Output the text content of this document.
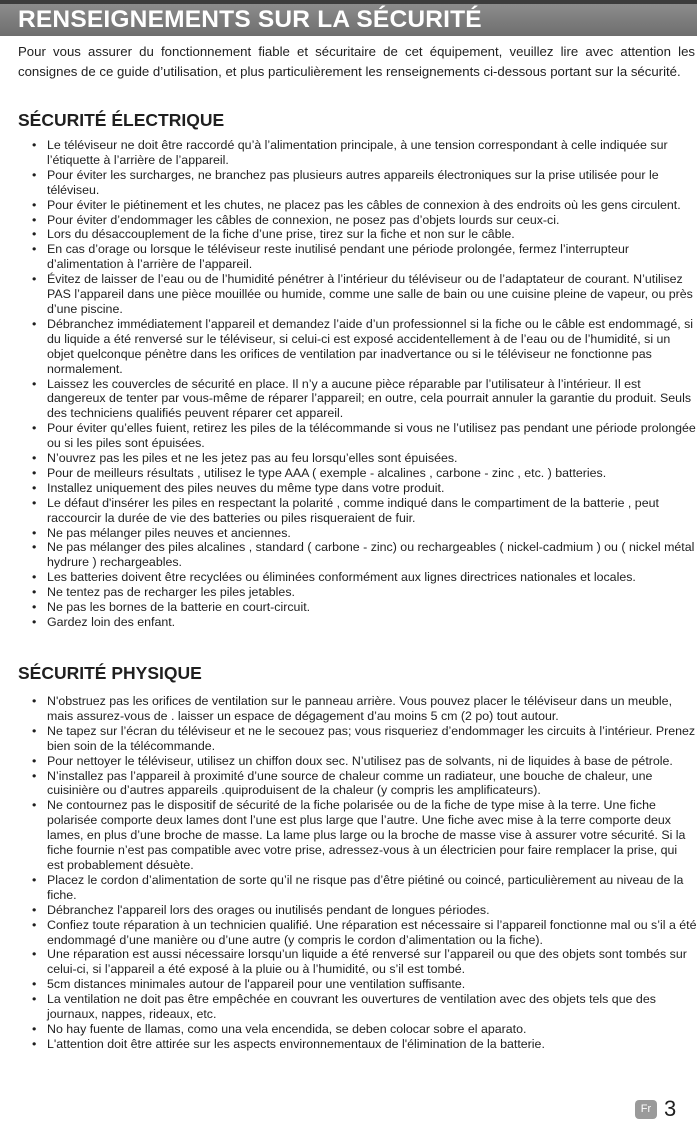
RENSEIGNEMENTS SUR LA SÉCURITÉ
Pour vous assurer du fonctionnement fiable et sécuritaire de cet équipement, veuillez lire avec attention les consignes de ce guide d’utilisation, et plus particulièrement les renseignements ci-dessous portant sur la sécurité.
SÉCURITÉ ÉLECTRIQUE
• Le téléviseur ne doit être raccordé qu’à l’alimentation principale, à une tension correspondant à celle indiquée sur l’étiquette à l’arrière de l’appareil.
• Pour éviter les surcharges, ne branchez pas plusieurs autres appareils électroniques sur la prise utilisée pour le téléviseu.
• Pour éviter le piétinement et les chutes, ne placez pas les câbles de connexion à des endroits où les gens circulent.
• Pour éviter d’endommager les câbles de connexion, ne posez pas d’objets lourds sur ceux-ci.
• Lors du désaccouplement de la fiche d’une prise, tirez sur la fiche et non sur le câble.
• En cas d’orage ou lorsque le téléviseur reste inutilisé pendant une période prolongée, fermez l’interrupteur d’alimentation à l’arrière de l’appareil.
• Évitez de laisser de l’eau ou de l’humidité pénétrer à l’intérieur du téléviseur ou de l’adaptateur de courant. N’utilisez PAS l’appareil dans une pièce mouillée ou humide, comme une salle de bain ou une cuisine pleine de vapeur, ou près d’une piscine.
• Débranchez immédiatement l’appareil et demandez l’aide d’un professionnel si la fiche ou le câble est endommagé, si du liquide a été renversé sur le téléviseur, si celui-ci est exposé accidentellement à de l’eau ou de l’humidité, si un objet quelconque pénètre dans les orifices de ventilation par inadvertance ou si le téléviseur ne fonctionne pas normalement.
• Laissez les couvercles de sécurité en place. Il n’y a aucune pièce réparable par l’utilisateur à l’intérieur. Il est dangereux de tenter par vous-même de réparer l’appareil; en outre, cela pourrait annuler la garantie du produit. Seuls des techniciens qualifiés peuvent réparer cet appareil.
• Pour éviter qu’elles fuient, retirez les piles de la télécommande si vous ne l’utilisez pas pendant une période prolongée ou si les piles sont épuisées.
• N’ouvrez pas les piles et ne les jetez pas au feu lorsqu’elles sont épuisées.
• Pour de meilleurs résultats , utilisez le type AAA ( exemple - alcalines , carbone - zinc , etc. ) batteries.
• Installez uniquement des piles neuves du même type dans votre produit.
• Le défaut d'insérer les piles en respectant la polarité , comme indiqué dans le compartiment de la batterie , peut raccourcir la durée de vie des batteries ou piles risqueraient de fuir.
• Ne pas mélanger piles neuves et anciennes.
• Ne pas mélanger des piles alcalines , standard ( carbone - zinc) ou rechargeables ( nickel-cadmium ) ou ( nickel métal hydrure ) rechargeables.
• Les batteries doivent être recyclées ou éliminées conformément aux lignes directrices nationales et locales.
• Ne tentez pas de recharger les piles jetables.
• Ne pas les bornes de la batterie en court-circuit.
• Gardez loin des enfant.
SÉCURITÉ PHYSIQUE
• N'obstruez pas les orifices de ventilation sur le panneau arrière. Vous pouvez placer le téléviseur dans un meuble, mais assurez-vous de . laisser un espace de dégagement d’au moins 5 cm (2 po) tout autour.
• Ne tapez sur l’écran du téléviseur et ne le secouez pas; vous risqueriez d’endommager les circuits à l’intérieur. Prenez bien soin de la télécommande.
• Pour nettoyer le téléviseur, utilisez un chiffon doux sec. N’utilisez pas de solvants, ni de liquides à base de pétrole.
• N’installez pas l’appareil à proximité d’une source de chaleur comme un radiateur, une bouche de chaleur, une cuisinière ou d’autres appareils .quiproduisent de la chaleur (y compris les amplificateurs).
• Ne contournez pas le dispositif de sécurité de la fiche polarisée ou de la fiche de type mise à la terre. Une fiche polarisée comporte deux lames dont l’une est plus large que l’autre. Une fiche avec mise à la terre comporte deux lames, en plus d’une broche de masse. La lame plus large ou la broche de masse vise à assurer votre sécurité. Si la fiche fournie n’est pas compatible avec votre prise, adressez-vous à un électricien pour faire remplacer la prise, qui est probablement désuète.
• Placez le cordon d’alimentation de sorte qu’il ne risque pas d’être piétiné ou coincé, particulièrement au niveau de la fiche.
• Débranchez l'appareil lors des orages ou inutilisés pendant de longues périodes.
• Confiez toute réparation à un technicien qualifié. Une réparation est nécessaire si l’appareil fonctionne mal ou s’il a été endommagé d’une manière ou d’une autre (y compris le cordon d’alimentation ou la fiche).
• Une réparation est aussi nécessaire lorsqu’un liquide a été renversé sur l’appareil ou que des objets sont tombés sur celui-ci, si l’appareil a été exposé à la pluie ou à l’humidité, ou s’il est tombé.
• 5cm distances minimales autour de l'appareil pour une ventilation suffisante.
• La ventilation ne doit pas être empêchée en couvrant les ouvertures de ventilation avec des objets tels que des journaux, nappes, rideaux, etc.
• No hay fuente de llamas, como una vela encendida, se deben colocar sobre el aparato.
• L'attention doit être attirée sur les aspects environnementaux de l'élimination de la batterie.
Fr 3
